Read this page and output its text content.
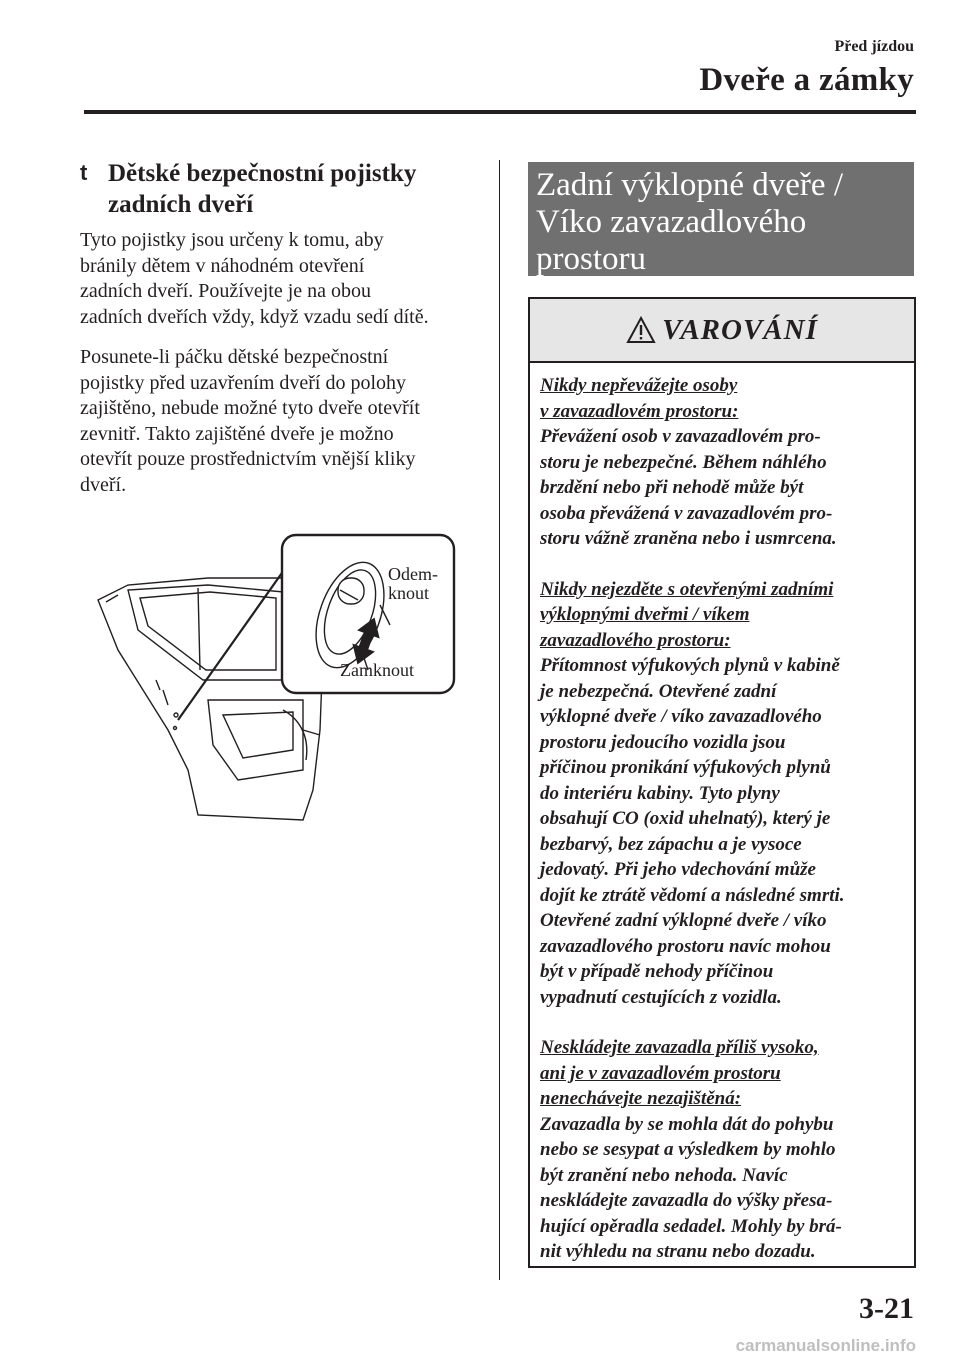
Před jízdou
Dveře a zámky
t Dětské bezpečnostní pojistky
zadních dveří
Tyto pojistky jsou určeny k tomu, aby
bránily dětem v náhodném otevření
zadních dveří. Používejte je na obou
zadních dveřích vždy, když vzadu sedí dítě.
Posunete-li páčku dětské bezpečnostní
pojistky před uzavřením dveří do polohy
zajištěno, nebude možné tyto dveře otevřít
zevnitř. Takto zajištěné dveře je možno
otevřít pouze prostřednictvím vnější kliky
dveří.
Odem-
knout
Zamknout
Zadní výklopné dveře /
Víko zavazadlového
prostoru
VAROVÁNÍ
Nikdy nepřevážejte osoby
v zavazadlovém prostoru:
Převážení osob v zavazadlovém pro-
storu je nebezpečné. Během náhlého
brzdění nebo při nehodě může být
osoba převážená v zavazadlovém pro-
storu vážně zraněna nebo i usmrcena.
Nikdy nejezděte s otevřenými zadními
výklopnými dveřmi / víkem
zavazadlového prostoru:
Přítomnost výfukových plynů v kabině
je nebezpečná. Otevřené zadní
výklopné dveře / víko zavazadlového
prostoru jedoucího vozidla jsou
příčinou pronikání výfukových plynů
do interiéru kabiny. Tyto plyny
obsahují CO (oxid uhelnatý), který je
bezbarvý, bez zápachu a je vysoce
jedovatý. Při jeho vdechování může
dojít ke ztrátě vědomí a následné smrti.
Otevřené zadní výklopné dveře / víko
zavazadlového prostoru navíc mohou
být v případě nehody příčinou
vypadnutí cestujících z vozidla.
Neskládejte zavazadla příliš vysoko,
ani je v zavazadlovém prostoru
nenechávejte nezajištěná:
Zavazadla by se mohla dát do pohybu
nebo se sesypat a výsledkem by mohlo
být zranění nebo nehoda. Navíc
neskládejte zavazadla do výšky přesa-
hující opěradla sedadel. Mohly by brá-
nit výhledu na stranu nebo dozadu.
3-21
carmanualsonline.info
